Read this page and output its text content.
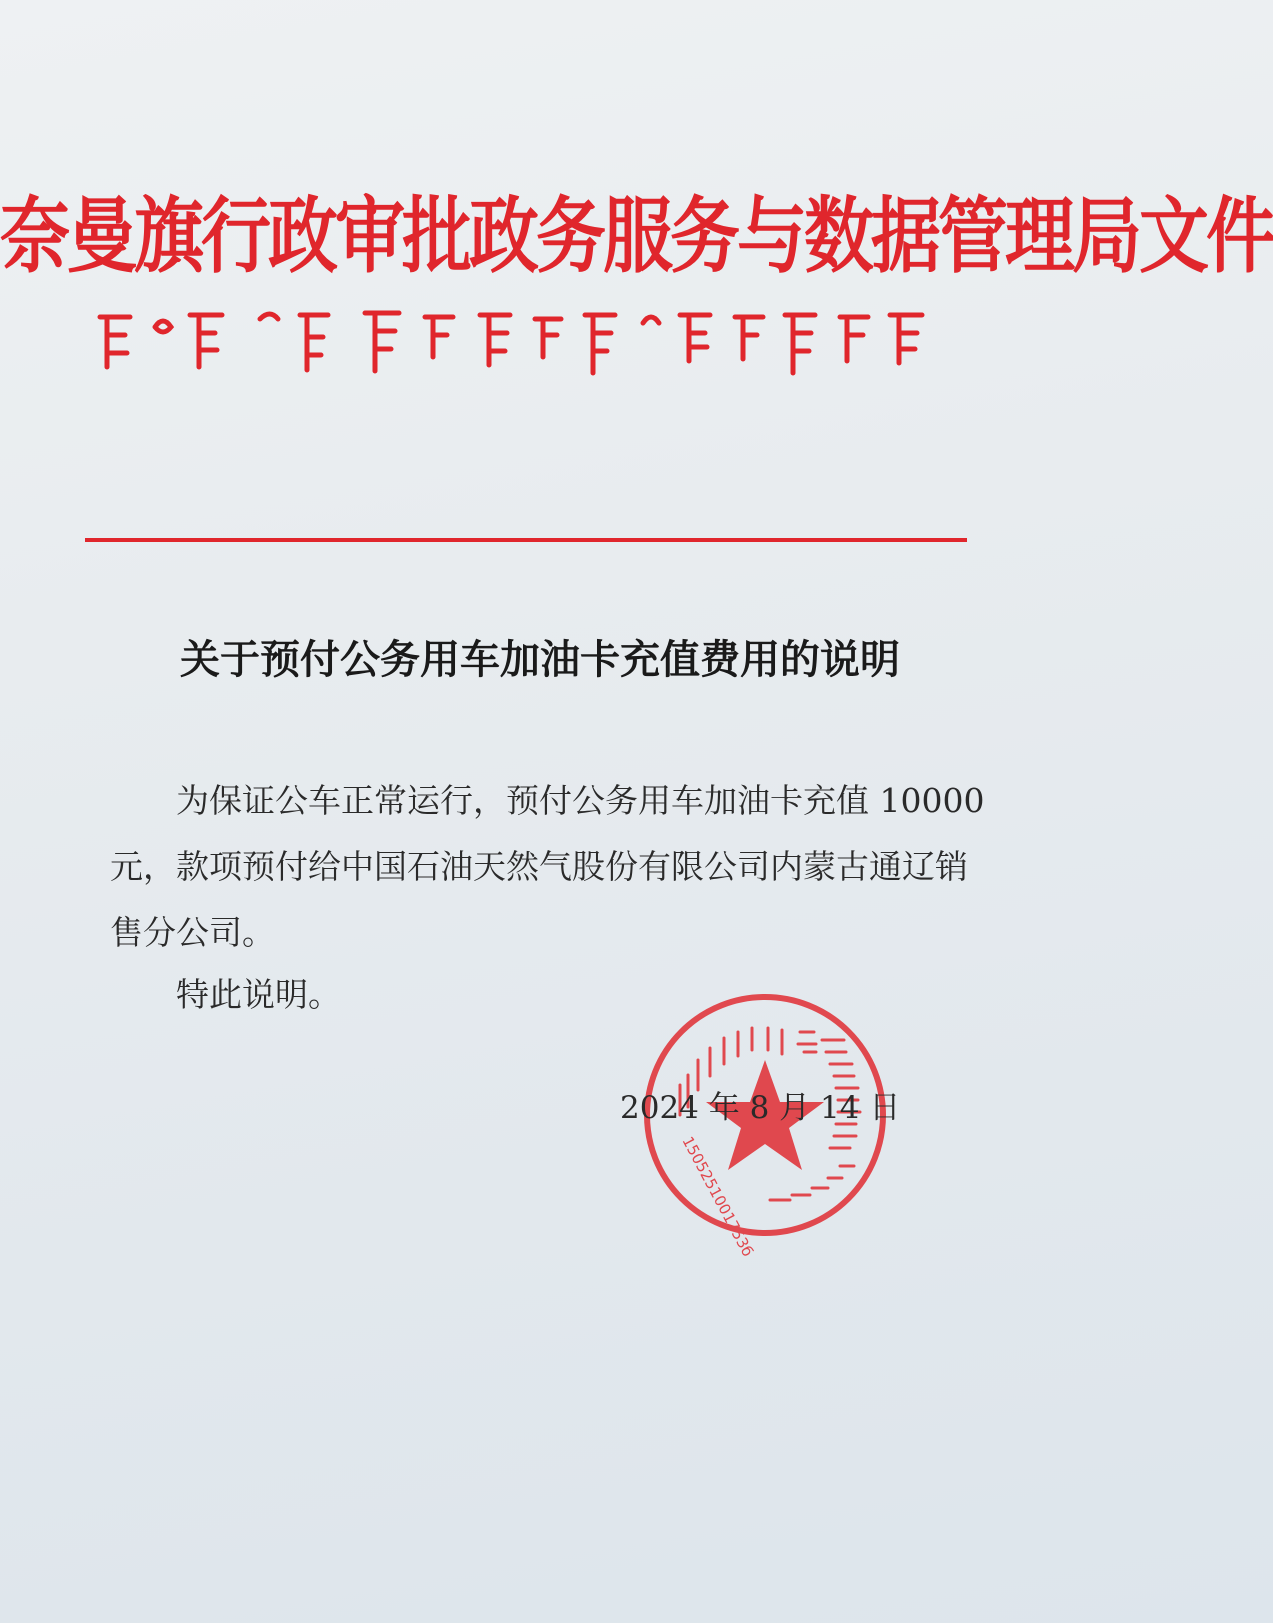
奈曼旗行政审批政务服务与数据管理局文件
关于预付公务用车加油卡充值费用的说明
为保证公车正常运行，预付公务用车加油卡充值 10000
元，款项预付给中国石油天然气股份有限公司内蒙古通辽销
售分公司。
特此说明。
1505251001753б
2024 年 8 月 14 日
